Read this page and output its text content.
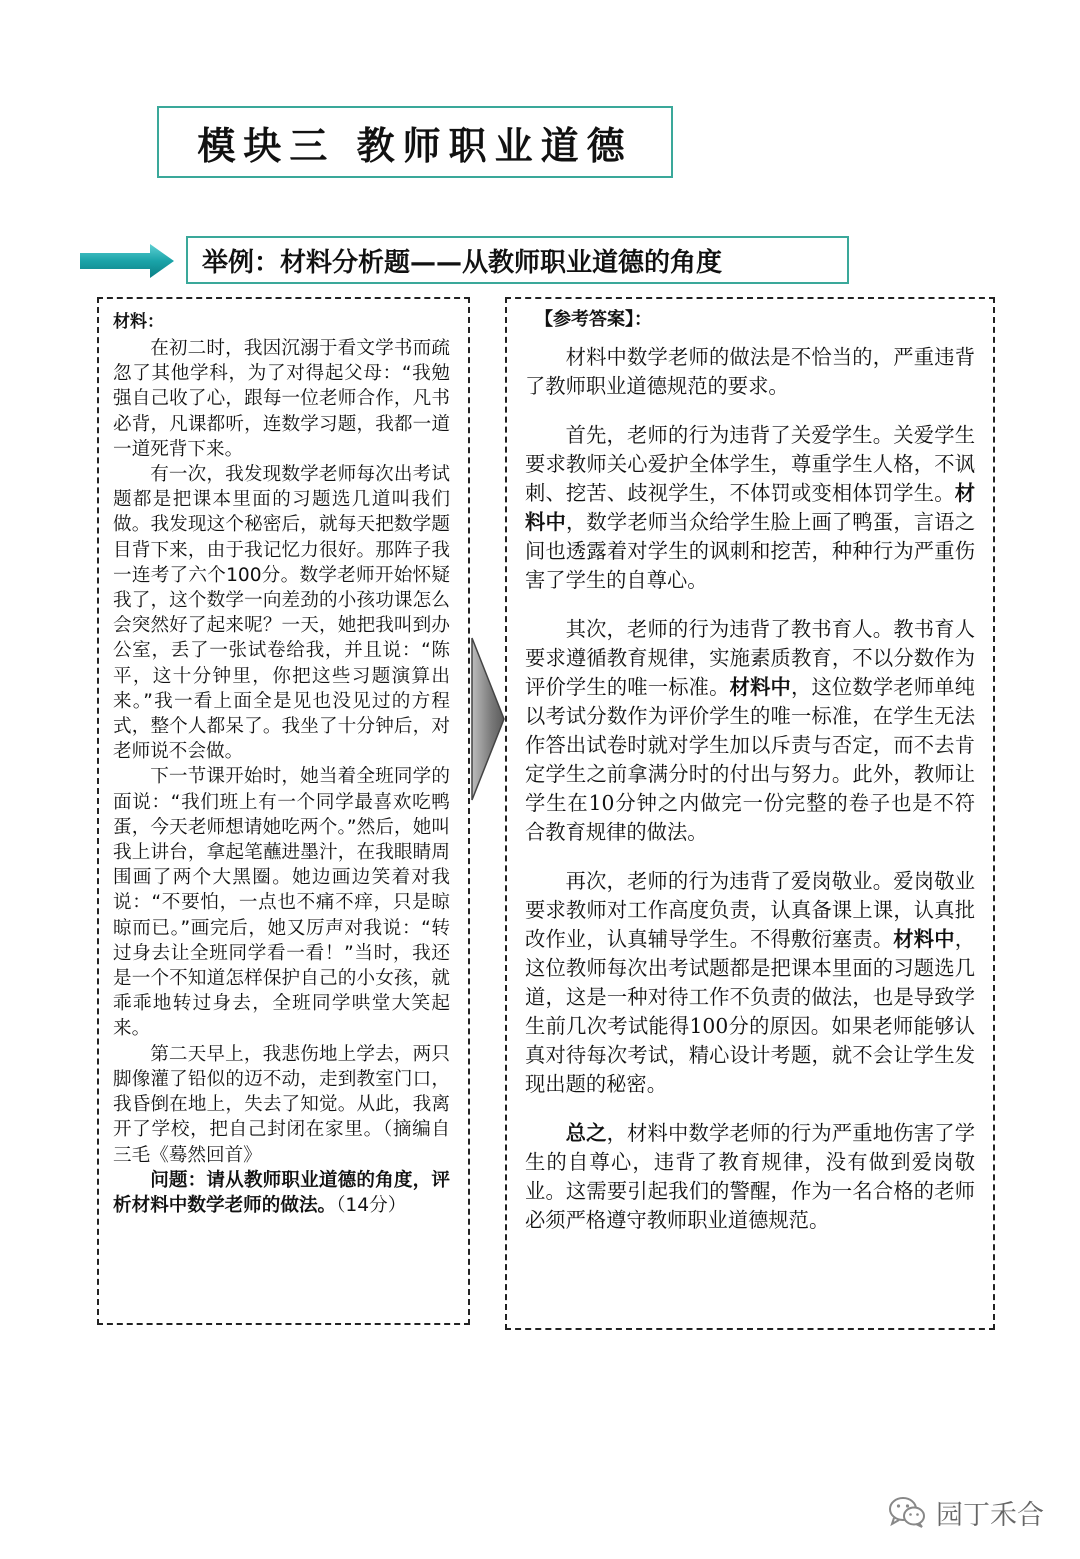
模块三 教师职业道德
举例：材料分析题——从教师职业道德的角度
材料：

在初二时，我因沉溺于看文学书而疏忽了其他学科，为了对得起父母：“我勉强自己收了心，跟每一位老师合作，凡书必背，凡课都听，连数学习题，我都一道一道死背下来。

有一次，我发现数学老师每次出考试题都是把课本里面的习题选几道叫我们做。我发现这个秘密后，就每天把数学题目背下来，由于我记忆力很好。那阵子我一连考了六个100分。数学老师开始怀疑我了，这个数学一向差劲的小孩功课怎么会突然好了起来呢？一天，她把我叫到办公室，丢了一张试卷给我，并且说：“陈平，这十分钟里，你把这些习题演算出来。”我一看上面全是见也没见过的方程式，整个人都呆了。我坐了十分钟后，对老师说不会做。

下一节课开始时，她当着全班同学的面说：“我们班上有一个同学最喜欢吃鸭蛋，今天老师想请她吃两个。”然后，她叫我上讲台，拿起笔蘸进墨汁，在我眼睛周围画了两个大黑圈。她边画边笑着对我说：“不要怕，一点也不痛不痒，只是晾晾而已。”画完后，她又厉声对我说：“转过身去让全班同学看一看！”当时，我还是一个不知道怎样保护自己的小女孩，就乖乖地转过身去，全班同学哄堂大笑起来。

第二天早上，我悲伤地上学去，两只脚像灌了铅似的迈不动，走到教室门口，我昏倒在地上，失去了知觉。从此，我离开了学校，把自己封闭在家里。（摘编自三毛《蓦然回首》

问题：请从教师职业道德的角度，评析材料中数学老师的做法。（14分）

【参考答案】：

材料中数学老师的做法是不恰当的，严重违背了教师职业道德规范的要求。

首先，老师的行为违背了关爱学生。关爱学生要求教师关心爱护全体学生，尊重学生人格，不讽刺、挖苦、歧视学生，不体罚或变相体罚学生。材料中，数学老师当众给学生脸上画了鸭蛋，言语之间也透露着对学生的讽刺和挖苦，种种行为严重伤害了学生的自尊心。

其次，老师的行为违背了教书育人。教书育人要求遵循教育规律，实施素质教育，不以分数作为评价学生的唯一标准。材料中，这位数学老师单纯以考试分数作为评价学生的唯一标准，在学生无法作答出试卷时就对学生加以斥责与否定，而不去肯定学生之前拿满分时的付出与努力。此外，教师让学生在10分钟之内做完一份完整的卷子也是不符合教育规律的做法。

再次，老师的行为违背了爱岗敬业。爱岗敬业要求教师对工作高度负责，认真备课上课，认真批改作业，认真辅导学生。不得敷衍塞责。材料中，这位教师每次出考试题都是把课本里面的习题选几道，这是一种对待工作不负责的做法，也是导致学生前几次考试能得100分的原因。如果老师能够认真对待每次考试，精心设计考题，就不会让学生发现出题的秘密。

总之，材料中数学老师的行为严重地伤害了学生的自尊心，违背了教育规律，没有做到爱岗敬业。这需要引起我们的警醒，作为一名合格的老师必须严格遵守教师职业道德规范。

园丁禾合
